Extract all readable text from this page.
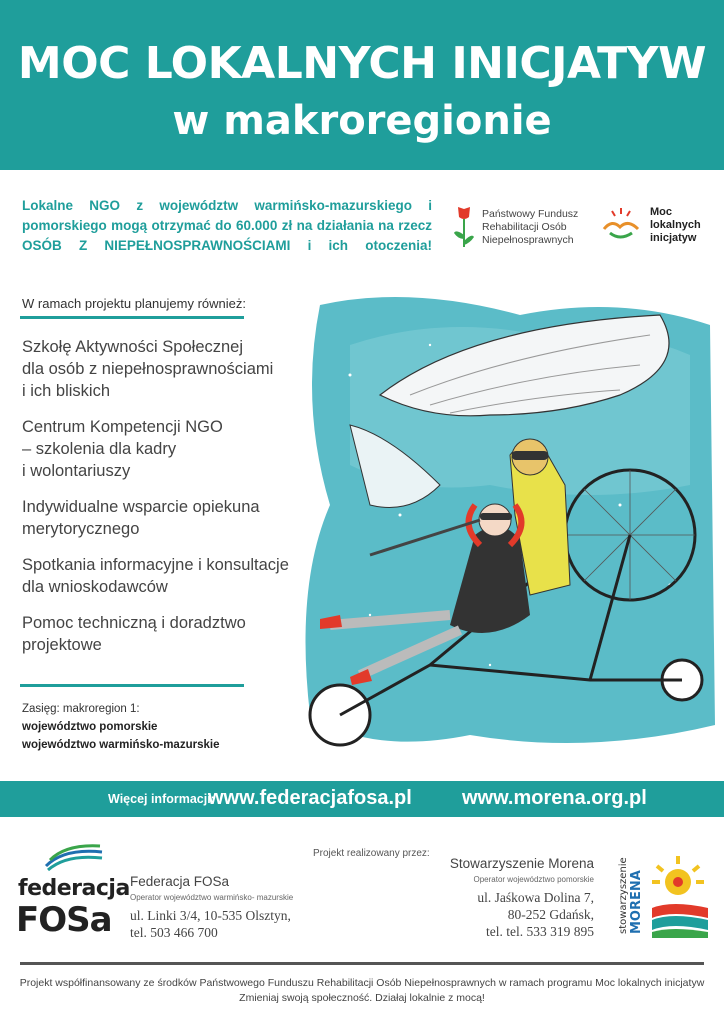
MOC LOKALNYCH INICJATYW
w makroregionie

Lokalne NGO z województw warmińsko-mazurskiego i pomorskiego mogą otrzymać do 60.000 zł na działania na rzecz OSÓB Z NIEPEŁNOSPRAWNOŚCIAMI i ich otoczenia!

Państwowy Fundusz
Rehabilitacji Osób
Niepełnosprawnych
Moc
lokalnych
inicjatyw
W ramach projektu planujemy również:
Szkołę Aktywności Społecznej
dla osób z niepełnosprawnościami
i ich bliskich
Centrum Kompetencji NGO
– szkolenia dla kadry
i wolontariuszy
Indywidualne wsparcie opiekuna
merytorycznego
Spotkania informacyjne i konsultacje
dla wnioskodawców
Pomoc techniczną i doradztwo
projektowe
Zasięg: makroregion 1:
województwo pomorskie
województwo warmińsko-mazurskie
Więcej informacji:
www.federacjafosa.pl	www.morena.org.pl
federacja
FOSa
Federacja FOSa
Operator województwo warmińsko- mazurskie
ul. Linki 3/4, 10-535 Olsztyn,
tel. 503 466 700
Projekt realizowany przez:
Stowarzyszenie Morena
Operator województwo pomorskie
ul. Jaśkowa Dolina 7,
80-252 Gdańsk,
tel. tel. 533 319 895 stowarzyszenie MORENA
Projekt współfinansowany ze środków Państwowego Funduszu Rehabilitacji Osób Niepełnosprawnych w ramach programu Moc lokalnych inicjatyw
Zmieniaj swoją społeczność. Działaj lokalnie z mocą!
